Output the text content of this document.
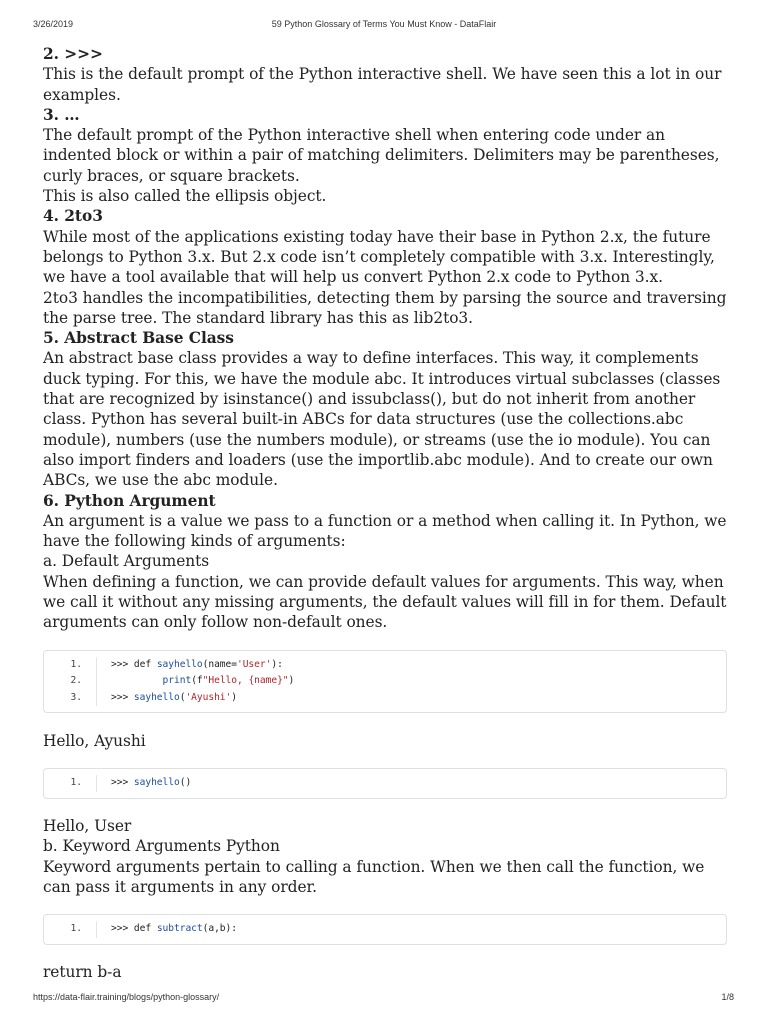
3/26/2019	59 Python Glossary of Terms You Must Know - DataFlair
2. >>>

This is the default prompt of the Python interactive shell. We have seen this a lot in our examples.

3. …

The default prompt of the Python interactive shell when entering code under an indented block or within a pair of matching delimiters. Delimiters may be parentheses, curly braces, or square brackets.

This is also called the ellipsis object.

4. 2to3

While most of the applications existing today have their base in Python 2.x, the future belongs to Python 3.x. But 2.x code isn’t completely compatible with 3.x. Interestingly, we have a tool available that will help us convert Python 2.x code to Python 3.x.

2to3 handles the incompatibilities, detecting them by parsing the source and traversing the parse tree. The standard library has this as lib2to3.

5. Abstract Base Class

An abstract base class provides a way to define interfaces. This way, it complements duck typing. For this, we have the module abc. It introduces virtual subclasses (classes that are recognized by isinstance() and issubclass(), but do not inherit from another class. Python has several built-in ABCs for data structures (use the collections.abc module), numbers (use the numbers module), or streams (use the io module). You can also import finders and loaders (use the importlib.abc module). And to create our own ABCs, we use the abc module.

6. Python Argument

An argument is a value we pass to a function or a method when calling it. In Python, we have the following kinds of arguments:

a. Default Arguments

When defining a function, we can provide default values for arguments. This way, when we call it without any missing arguments, the default values will fill in for them. Default arguments can only follow non-default ones.

1.	>>> def sayhello(name='User'):
2.	print(f"Hello, {name}")
3.	>>> sayhello('Ayushi')

Hello, Ayushi

1.	>>> sayhello()

Hello, User

b. Keyword Arguments Python

Keyword arguments pertain to calling a function. When we then call the function, we can pass it arguments in any order.

1.	>>> def subtract(a,b):

return b-a

https://data-flair.training/blogs/python-glossary/	1/8
